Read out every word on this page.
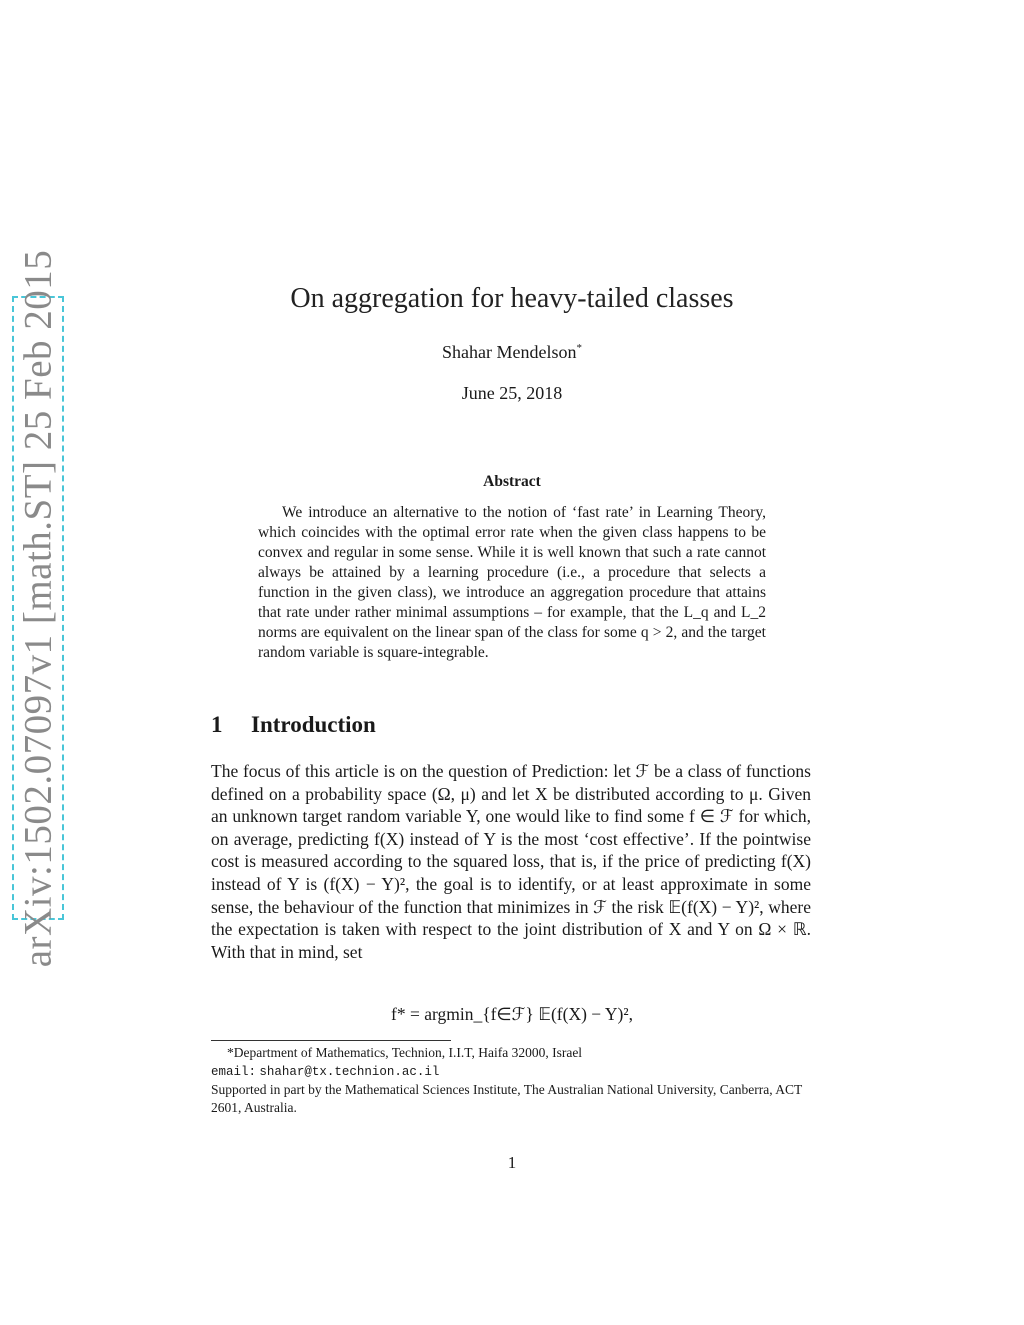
arXiv:1502.07097v1 [math.ST] 25 Feb 2015	On aggregation for heavy-tailed classes
Shahar Mendelson*
June 25, 2018
Abstract
We introduce an alternative to the notion of ‘fast rate’ in Learning Theory, which coincides with the optimal error rate when the given class happens to be convex and regular in some sense. While it is well known that such a rate cannot always be attained by a learning procedure (i.e., a procedure that selects a function in the given class), we introduce an aggregation procedure that attains that rate under rather minimal assumptions – for example, that the L_q and L_2 norms are equivalent on the linear span of the class for some q > 2, and the target random variable is square-integrable.
1 Introduction
The focus of this article is on the question of Prediction: let ℱ be a class of functions defined on a probability space (Ω, μ) and let X be distributed according to μ. Given an unknown target random variable Y, one would like to find some f ∈ ℱ for which, on average, predicting f(X) instead of Y is the most ‘cost effective’. If the pointwise cost is measured according to the squared loss, that is, if the price of predicting f(X) instead of Y is (f(X) − Y)², the goal is to identify, or at least approximate in some sense, the behaviour of the function that minimizes in ℱ the risk 𝔼(f(X) − Y)², where the expectation is taken with respect to the joint distribution of X and Y on Ω × ℝ. With that in mind, set
f* = argmin_{f∈ℱ} 𝔼(f(X) − Y)²,
*Department of Mathematics, Technion, I.I.T, Haifa 32000, Israel
email: shahar@tx.technion.ac.il
Supported in part by the Mathematical Sciences Institute, The Australian National University, Canberra, ACT 2601, Australia.
1
